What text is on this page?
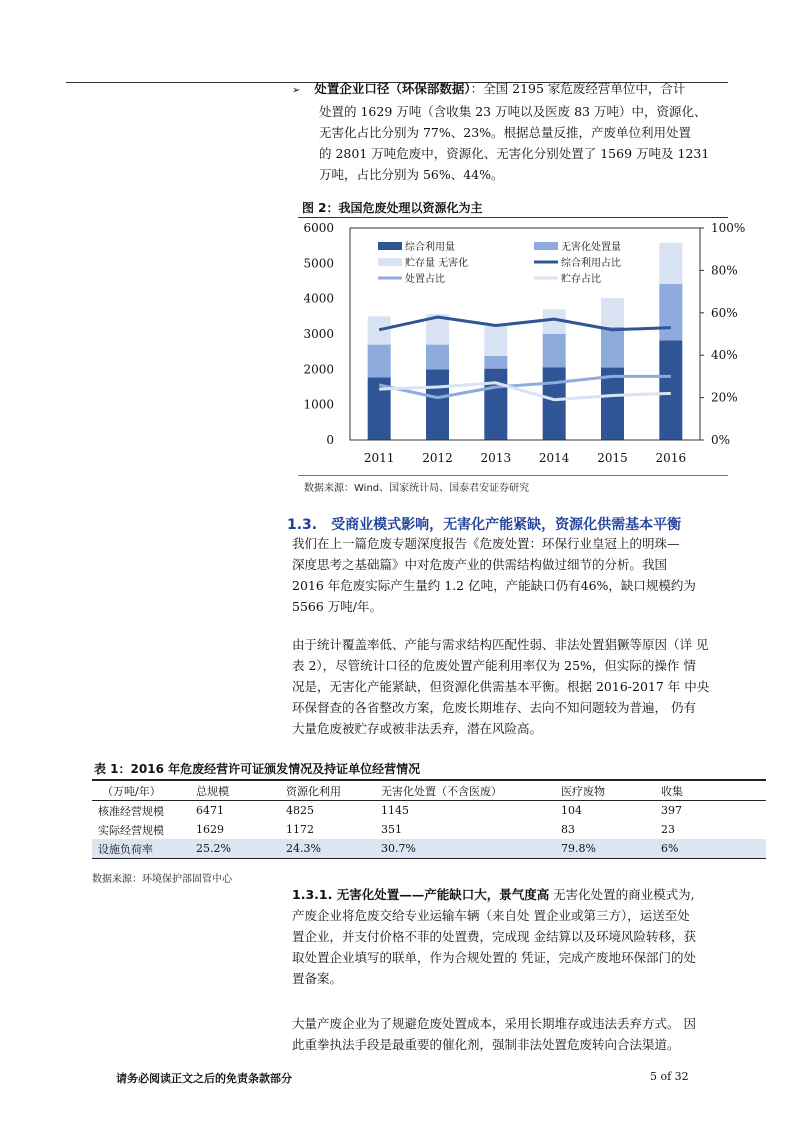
➢ 处置企业口径（环保部数据）：全国 2195 家危废经营单位中，合计

处置的 1629 万吨（含收集 23 万吨以及医废 83 万吨）中，资源化、

无害化占比分别为 77%、23%。根据总量反推，产废单位利用处置

的 2801 万吨危废中，资源化、无害化分别处置了 1569 万吨及 1231

万吨，占比分别为 56%、44%。

图 2：我国危废处理以资源化为主
6000
5000
4000
3000
2000
1000
0
100%
80%
60%
40%
20%
0%
2011 2012 2013 2014 2015 2016
综合利用量	无害化处置量
贮存量 无害化	综合利用占比
处置占比	贮存占比
数据来源：Wind、国家统计局、国泰君安证券研究
1.3. 受商业模式影响，无害化产能紧缺，资源化供需基本平衡

我们在上一篇危废专题深度报告《危废处置：环保行业皇冠上的明珠—

深度思考之基础篇》中对危废产业的供需结构做过细节的分析。我国

2016 年危废实际产生量约 1.2 亿吨，产能缺口仍有46%，缺口规模约为

5566 万吨/年。

由于统计覆盖率低、产能与需求结构匹配性弱、非法处置猖獗等原因（详 见

表 2），尽管统计口径的危废处置产能利用率仅为 25%，但实际的操作 情

况是，无害化产能紧缺，但资源化供需基本平衡。根据 2016-2017 年 中央

环保督查的各省整改方案，危废长期堆存、去向不知问题较为普遍， 仍有

大量危废被贮存或被非法丢弃，潜在风险高。

表 1：2016 年危废经营许可证颁发情况及持证单位经营情况
（万吨/年）	总规模	资源化利用	无害化处置（不含医废）	医疗废物	收集
核准经营规模	6471	4825	1145	104	397
实际经营规模	1629	1172	351	83	23
设施负荷率	25.2%	24.3%	30.7%	79.8%	6%
数据来源：环境保护部固管中心

1.3.1. 无害化处置——产能缺口大，景气度高 无害化处置的商业模式为,

产废企业将危废交给专业运输车辆（来自处 置企业或第三方），运送至处

置企业，并支付价格不菲的处置费，完成现 金结算以及环境风险转移，获

取处置企业填写的联单，作为合规处置的 凭证，完成产废地环保部门的处

置备案。

大量产废企业为了规避危废处置成本，采用长期堆存或违法丢弃方式。 因

此重拳执法手段是最重要的催化剂，强制非法处置危废转向合法渠道。

请务必阅读正文之后的免责条款部分	5 of 32
